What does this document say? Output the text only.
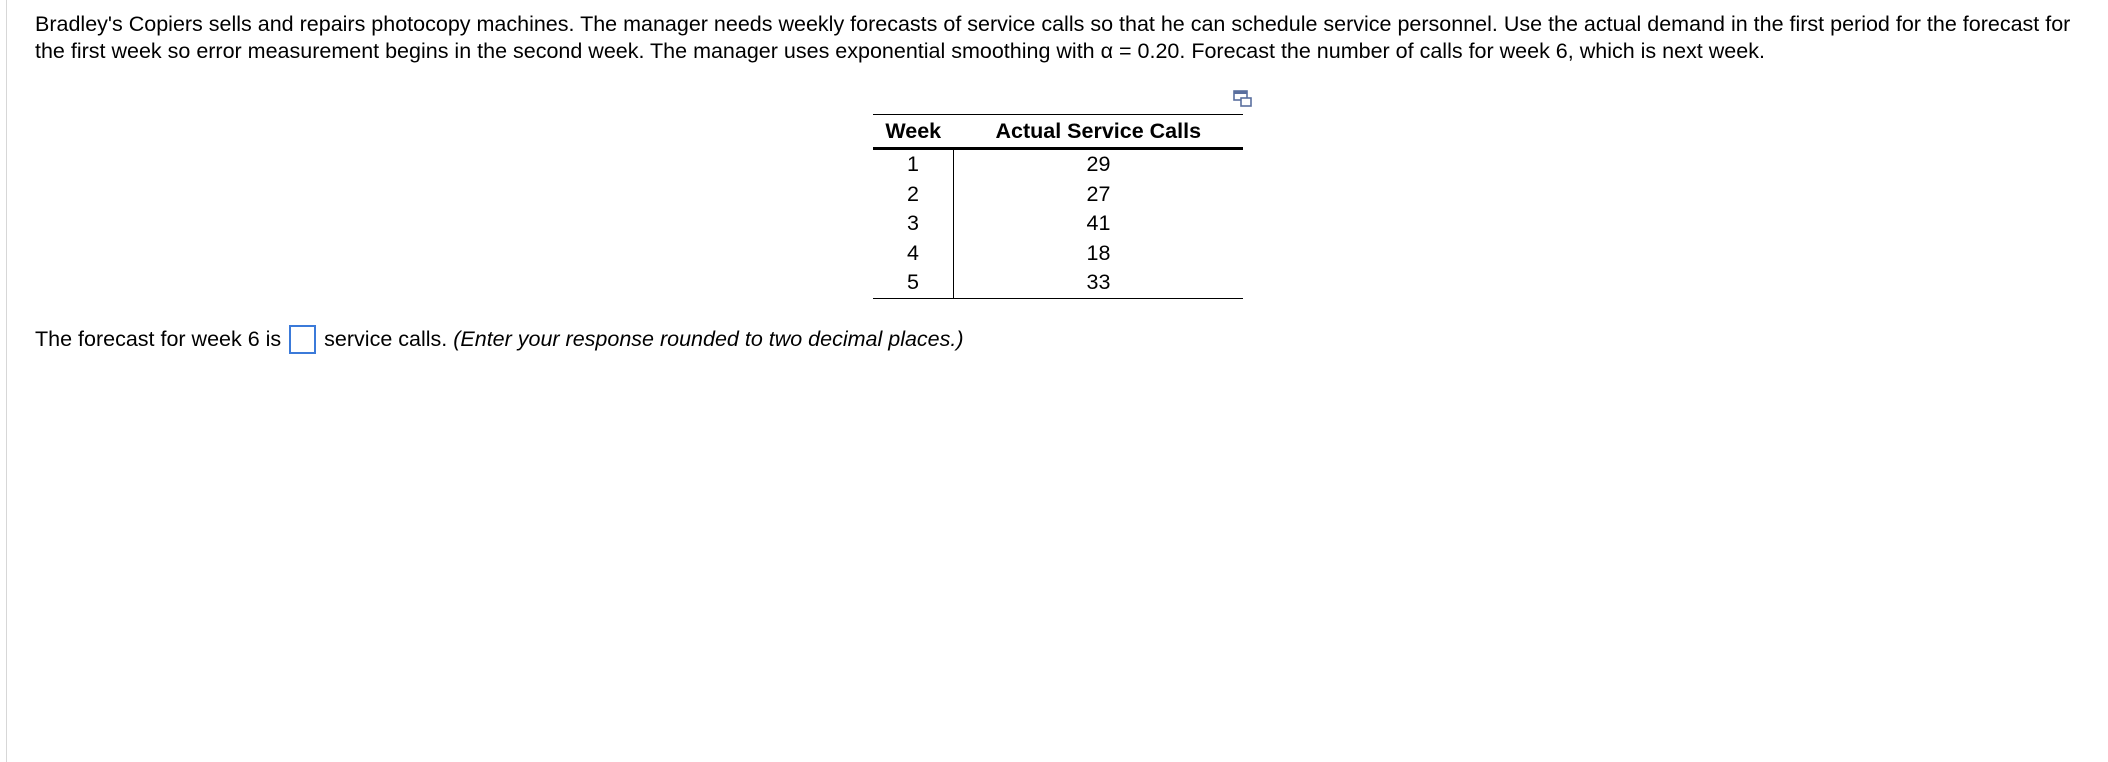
Bradley's Copiers sells and repairs photocopy machines. The manager needs weekly forecasts of service calls so that he can schedule service personnel. Use the actual demand in the first period for the forecast for the first week so error measurement begins in the second week. The manager uses exponential smoothing with α = 0.20. Forecast the number of calls for week 6, which is next week.

Week	Actual Service Calls
1	29
2	27
3	41
4	18
5	33
The forecast for week 6 is service calls. (Enter your response rounded to two decimal places.)
